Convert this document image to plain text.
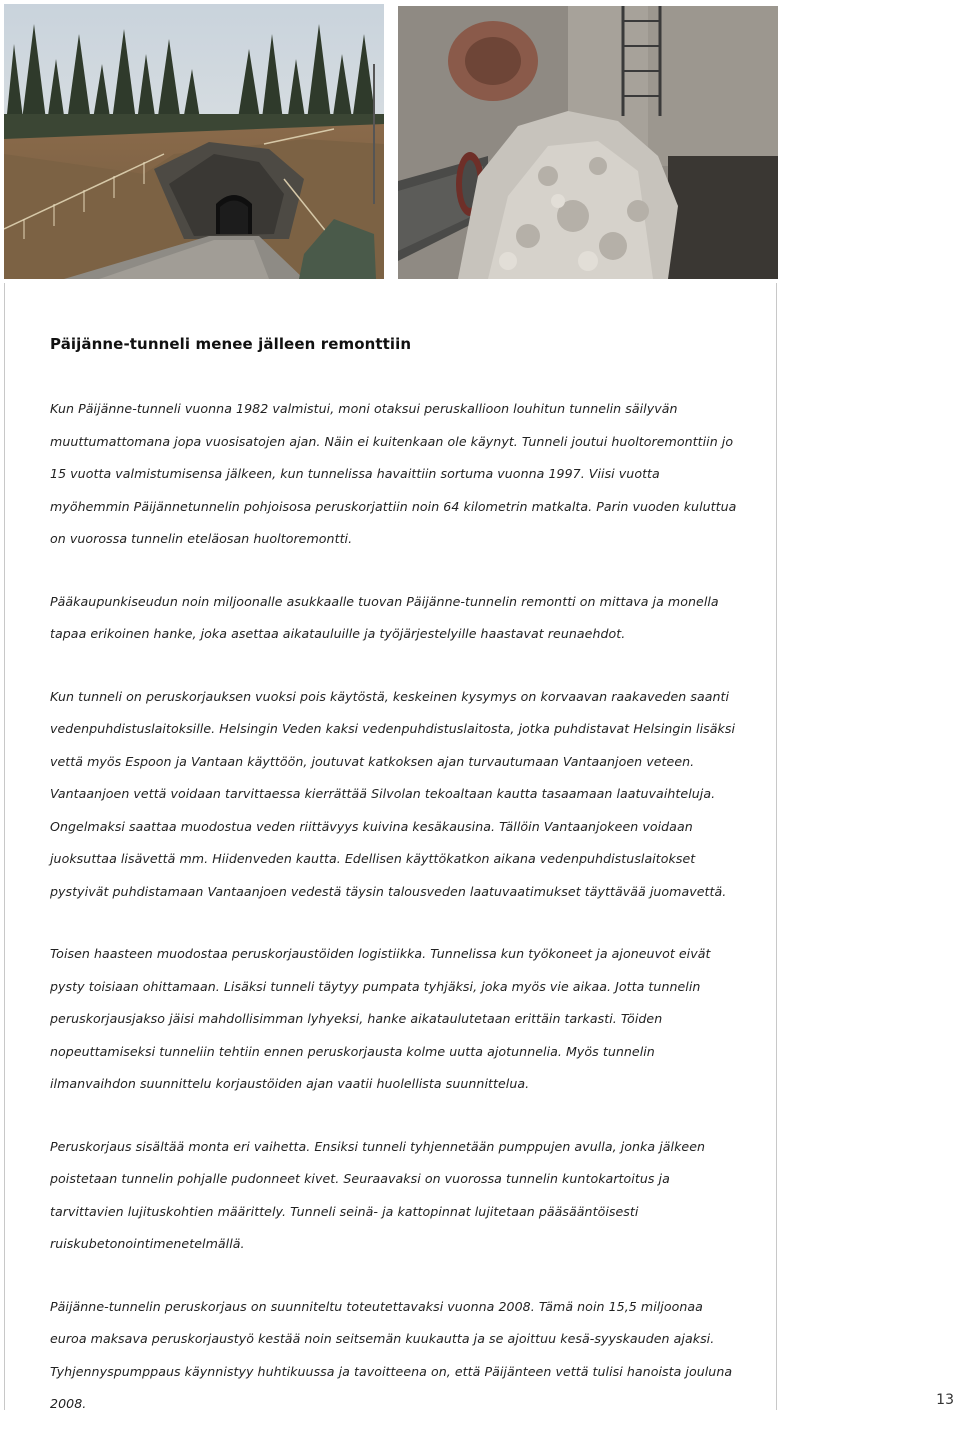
Päijänne-tunneli menee jälleen remonttiin

Kun Päijänne-tunneli vuonna 1982 valmistui, moni otaksui peruskallioon louhitun tunnelin säilyvän muuttumattomana jopa vuosisatojen ajan. Näin ei kuitenkaan ole käynyt. Tunneli joutui huoltoremonttiin jo 15 vuotta valmistumisensa jälkeen, kun tunnelissa havaittiin sortuma vuonna 1997. Viisi vuotta myöhemmin Päijännetunnelin pohjoisosa peruskorjattiin noin 64 kilometrin matkalta. Parin vuoden kuluttua on vuorossa tunnelin eteläosan huoltoremontti.

Pääkaupunkiseudun noin miljoonalle asukkaalle tuovan Päijänne-tunnelin remontti on mittava ja monella tapaa erikoinen hanke, joka asettaa aikatauluille ja työjärjestelyille haastavat reunaehdot.

Kun tunneli on peruskorjauksen vuoksi pois käytöstä, keskeinen kysymys on korvaavan raakaveden saanti vedenpuhdistuslaitoksille. Helsingin Veden kaksi vedenpuhdistuslaitosta, jotka puhdistavat Helsingin lisäksi vettä myös Espoon ja Vantaan käyttöön, joutuvat katkoksen ajan turvautumaan Vantaanjoen veteen. Vantaanjoen vettä voidaan tarvittaessa kierrättää Silvolan tekoaltaan kautta tasaamaan laatuvaihteluja. Ongelmaksi saattaa muodostua veden riittävyys kuivina kesäkausina. Tällöin Vantaanjokeen voidaan juoksuttaa lisävettä mm. Hiidenveden kautta. Edellisen käyttökatkon aikana vedenpuhdistuslaitokset pystyivät puhdistamaan Vantaanjoen vedestä täysin talousveden laatuvaatimukset täyttävää juomavettä.

Toisen haasteen muodostaa peruskorjaustöiden logistiikka. Tunnelissa kun työkoneet ja ajoneuvot eivät pysty toisiaan ohittamaan. Lisäksi tunneli täytyy pumpata tyhjäksi, joka myös vie aikaa. Jotta tunnelin peruskorjausjakso jäisi mahdollisimman lyhyeksi, hanke aikataulutetaan erittäin tarkasti. Töiden nopeuttamiseksi tunneliin tehtiin ennen peruskorjausta kolme uutta ajotunnelia. Myös tunnelin ilmanvaihdon suunnittelu korjaustöiden ajan vaatii huolellista suunnittelua.

Peruskorjaus sisältää monta eri vaihetta. Ensiksi tunneli tyhjennetään pumppujen avulla, jonka jälkeen poistetaan tunnelin pohjalle pudonneet kivet. Seuraavaksi on vuorossa tunnelin kuntokartoitus ja tarvittavien lujituskohtien määrittely. Tunneli seinä- ja kattopinnat lujitetaan pääsääntöisesti ruiskubetonointimenetelmällä.

Päijänne-tunnelin peruskorjaus on suunniteltu toteutettavaksi vuonna 2008. Tämä noin 15,5 miljoonaa euroa maksava peruskorjaustyö kestää noin seitsemän kuukautta ja se ajoittuu kesä-syyskauden ajaksi. Tyhjennyspumppaus käynnistyy huhtikuussa ja tavoitteena on, että Päijänteen vettä tulisi hanoista jouluna 2008.	13
